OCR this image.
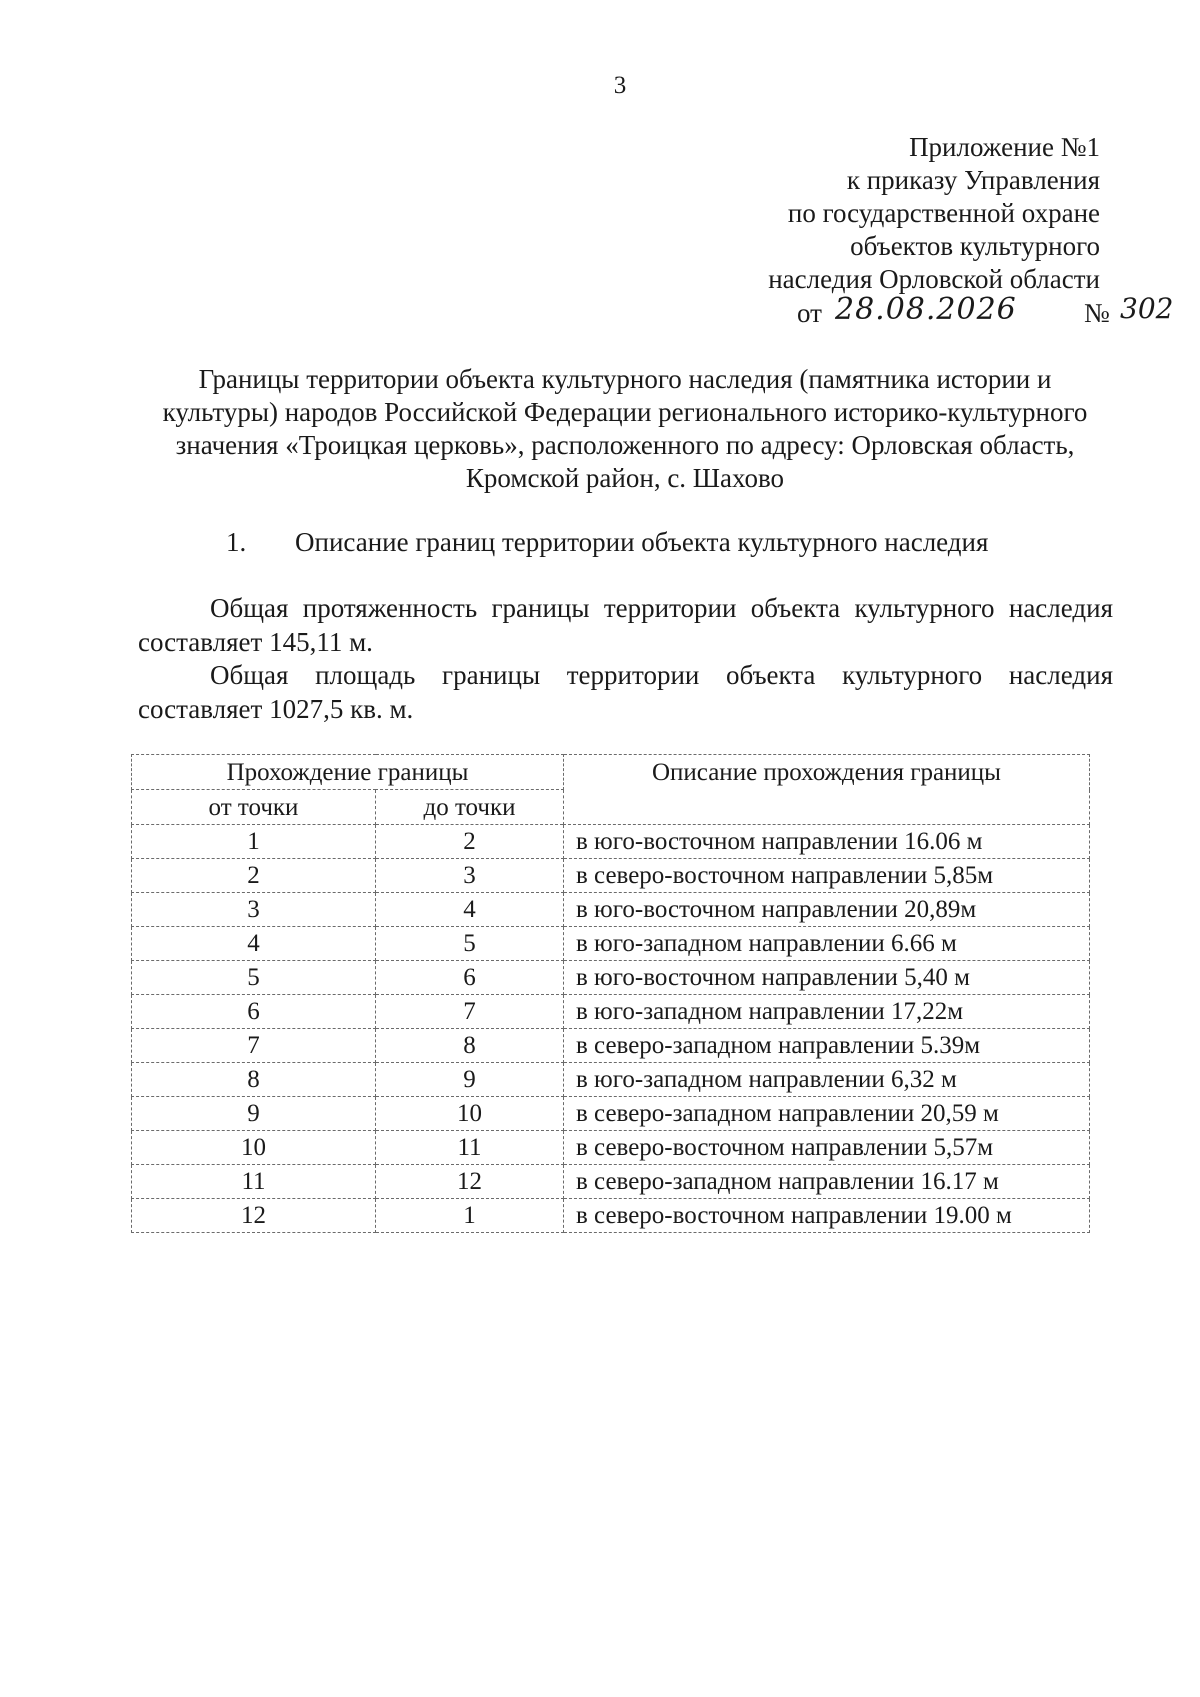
3
Приложение №1
к приказу Управления
по государственной охране
объектов культурного
наследия Орловской области
от 28.08.2026 № 302
Границы территории объекта культурного наследия (памятника истории и
культуры) народов Российской Федерации регионального историко-культурного
значения «Троицкая церковь», расположенного по адресу: Орловская область,
Кромской район, с. Шахово
1. Описание границ территории объекта культурного наследия
Общая протяженность границы территории объекта культурного наследия
составляет 145,11 м.
Общая площадь границы территории объекта культурного наследия
составляет 1027,5 кв. м.
Прохождение границы		Описание прохождения границы
от точки	до точки	
1	2	в юго-восточном направлении 16.06 м
2	3	в северо-восточном направлении 5,85м
3	4	в юго-восточном направлении 20,89м
4	5	в юго-западном направлении 6.66 м
5	6	в юго-восточном направлении 5,40 м
6	7	в юго-западном направлении 17,22м
7	8	в северо-западном направлении 5.39м
8	9	в юго-западном направлении 6,32 м
9	10	в северо-западном направлении 20,59 м
10	11	в северо-восточном направлении 5,57м
11	12	в северо-западном направлении 16.17 м
12	1	в северо-восточном направлении 19.00 м
